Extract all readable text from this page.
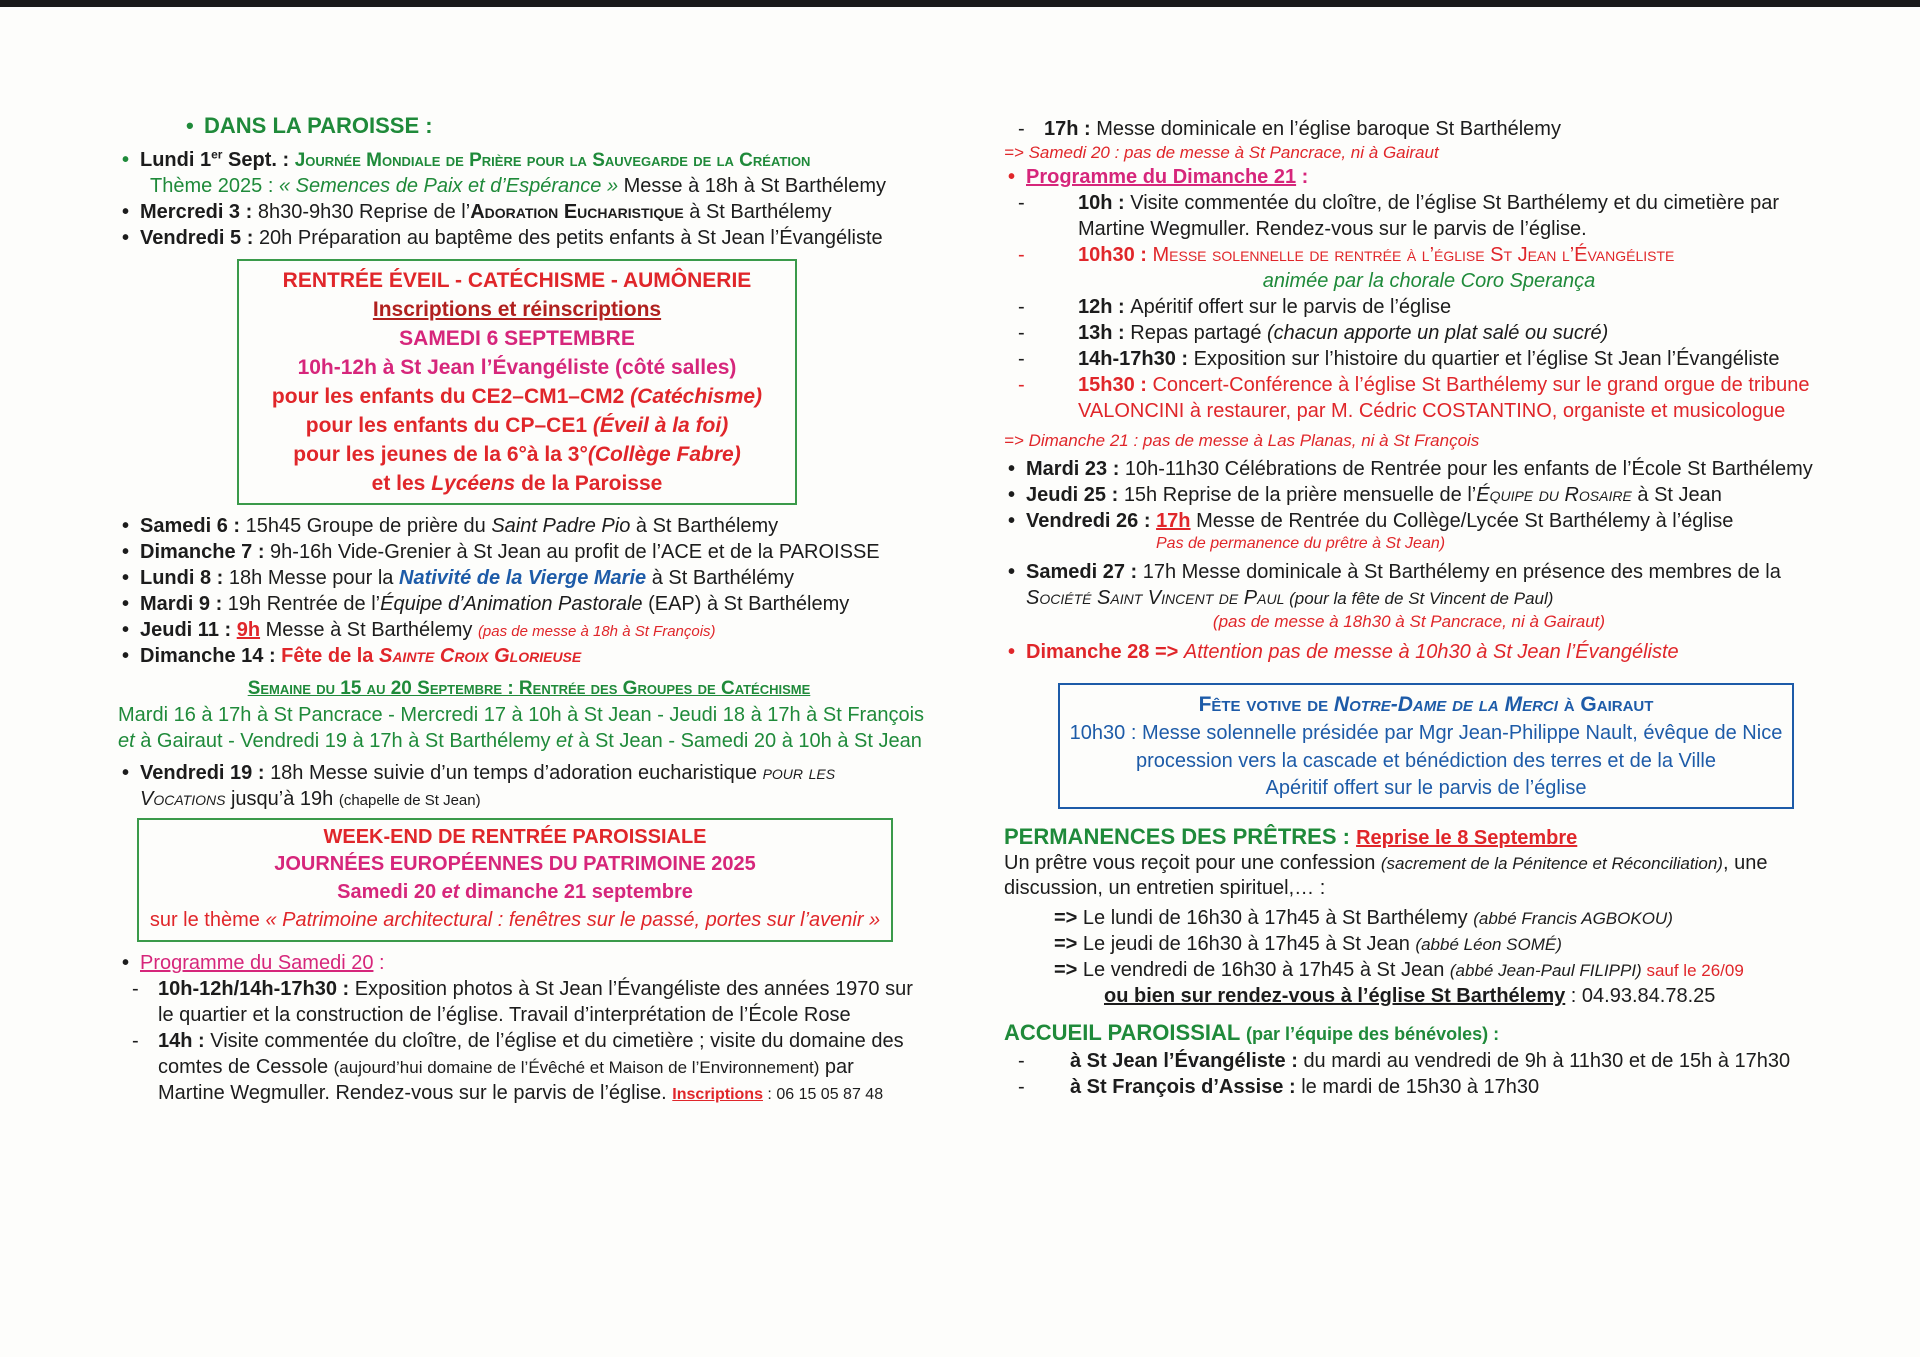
• DANS LA PAROISSE :
• Lundi 1er Sept. : Journée Mondiale de Prière pour la Sauvegarde de la Création
Thème 2025 : « Semences de Paix et d’Espérance » Messe à 18h à St Barthélemy
• Mercredi 3 : 8h30-9h30 Reprise de l’Adoration Eucharistique à St Barthélemy
• Vendredi 5 : 20h Préparation au baptême des petits enfants à St Jean l’Évangéliste
RENTRÉE ÉVEIL - CATÉCHISME - AUMÔNERIE
Inscriptions et réinscriptions
SAMEDI 6 SEPTEMBRE
10h-12h à St Jean l’Évangéliste (côté salles)
pour les enfants du CE2–CM1–CM2 (Catéchisme)
pour les enfants du CP–CE1 (Éveil à la foi)
pour les jeunes de la 6°à la 3°(Collège Fabre)
et les Lycéens de la Paroisse
• Samedi 6 : 15h45 Groupe de prière du Saint Padre Pio à St Barthélemy
• Dimanche 7 : 9h-16h Vide-Grenier à St Jean au profit de l’ACE et de la PAROISSE
• Lundi 8 : 18h Messe pour la Nativité de la Vierge Marie à St Barthélémy
• Mardi 9 : 19h Rentrée de l’Équipe d’Animation Pastorale (EAP) à St Barthélemy
• Jeudi 11 : 9h Messe à St Barthélemy (pas de messe à 18h à St François)
• Dimanche 14 : Fête de la Sainte Croix Glorieuse
Semaine du 15 au 20 Septembre : Rentrée des Groupes de Catéchisme
Mardi 16 à 17h à St Pancrace - Mercredi 17 à 10h à St Jean - Jeudi 18 à 17h à St François
et à Gairaut - Vendredi 19 à 17h à St Barthélemy et à St Jean - Samedi 20 à 10h à St Jean
• Vendredi 19 : 18h Messe suivie d’un temps d’adoration eucharistique pour les
Vocations jusqu’à 19h (chapelle de St Jean)
WEEK-END DE RENTRÉE PAROISSIALE
JOURNÉES EUROPÉENNES DU PATRIMOINE 2025
Samedi 20 et dimanche 21 septembre
sur le thème « Patrimoine architectural : fenêtres sur le passé, portes sur l’avenir »
• Programme du Samedi 20 :
- 10h-12h/14h-17h30 : Exposition photos à St Jean l’Évangéliste des années 1970 sur
le quartier et la construction de l’église. Travail d’interprétation de l’École Rose
- 14h : Visite commentée du cloître, de l’église et du cimetière ; visite du domaine des
comtes de Cessole (aujourd’hui domaine de l’Évêché et Maison de l’Environnement) par
Martine Wegmuller. Rendez-vous sur le parvis de l’église. Inscriptions : 06 15 05 87 48
- 17h : Messe dominicale en l’église baroque St Barthélemy
=> Samedi 20 : pas de messe à St Pancrace, ni à Gairaut
• Programme du Dimanche 21 :
- 10h : Visite commentée du cloître, de l’église St Barthélemy et du cimetière par
Martine Wegmuller. Rendez-vous sur le parvis de l’église.
- 10h30 : Messe solennelle de rentrée à l’église St Jean l’Évangéliste
animée par la chorale Coro Sperança
- 12h : Apéritif offert sur le parvis de l’église
- 13h : Repas partagé (chacun apporte un plat salé ou sucré)
- 14h-17h30 : Exposition sur l’histoire du quartier et l’église St Jean l’Évangéliste
- 15h30 : Concert-Conférence à l’église St Barthélemy sur le grand orgue de tribune
VALONCINI à restaurer, par M. Cédric COSTANTINO, organiste et musicologue
=> Dimanche 21 : pas de messe à Las Planas, ni à St François
• Mardi 23 : 10h-11h30 Célébrations de Rentrée pour les enfants de l’École St Barthélemy
• Jeudi 25 : 15h Reprise de la prière mensuelle de l’Équipe du Rosaire à St Jean
• Vendredi 26 : 17h Messe de Rentrée du Collège/Lycée St Barthélemy à l’église
Pas de permanence du prêtre à St Jean)
• Samedi 27 : 17h Messe dominicale à St Barthélemy en présence des membres de la
Société Saint Vincent de Paul (pour la fête de St Vincent de Paul)
(pas de messe à 18h30 à St Pancrace, ni à Gairaut)
• Dimanche 28 => Attention pas de messe à 10h30 à St Jean l’Évangéliste
Fête votive de Notre-Dame de la Merci à Gairaut
10h30 : Messe solennelle présidée par Mgr Jean-Philippe Nault, évêque de Nice
procession vers la cascade et bénédiction des terres et de la Ville
Apéritif offert sur le parvis de l’église
PERMANENCES DES PRÊTRES : Reprise le 8 Septembre
Un prêtre vous reçoit pour une confession (sacrement de la Pénitence et Réconciliation), une
discussion, un entretien spirituel,… :
=> Le lundi de 16h30 à 17h45 à St Barthélemy (abbé Francis AGBOKOU)
=> Le jeudi de 16h30 à 17h45 à St Jean (abbé Léon SOMÉ)
=> Le vendredi de 16h30 à 17h45 à St Jean (abbé Jean-Paul FILIPPI) sauf le 26/09
ou bien sur rendez-vous à l’église St Barthélemy : 04.93.84.78.25
ACCUEIL PAROISSIAL (par l’équipe des bénévoles) :
- à St Jean l’Évangéliste : du mardi au vendredi de 9h à 11h30 et de 15h à 17h30
- à St François d’Assise : le mardi de 15h30 à 17h30
